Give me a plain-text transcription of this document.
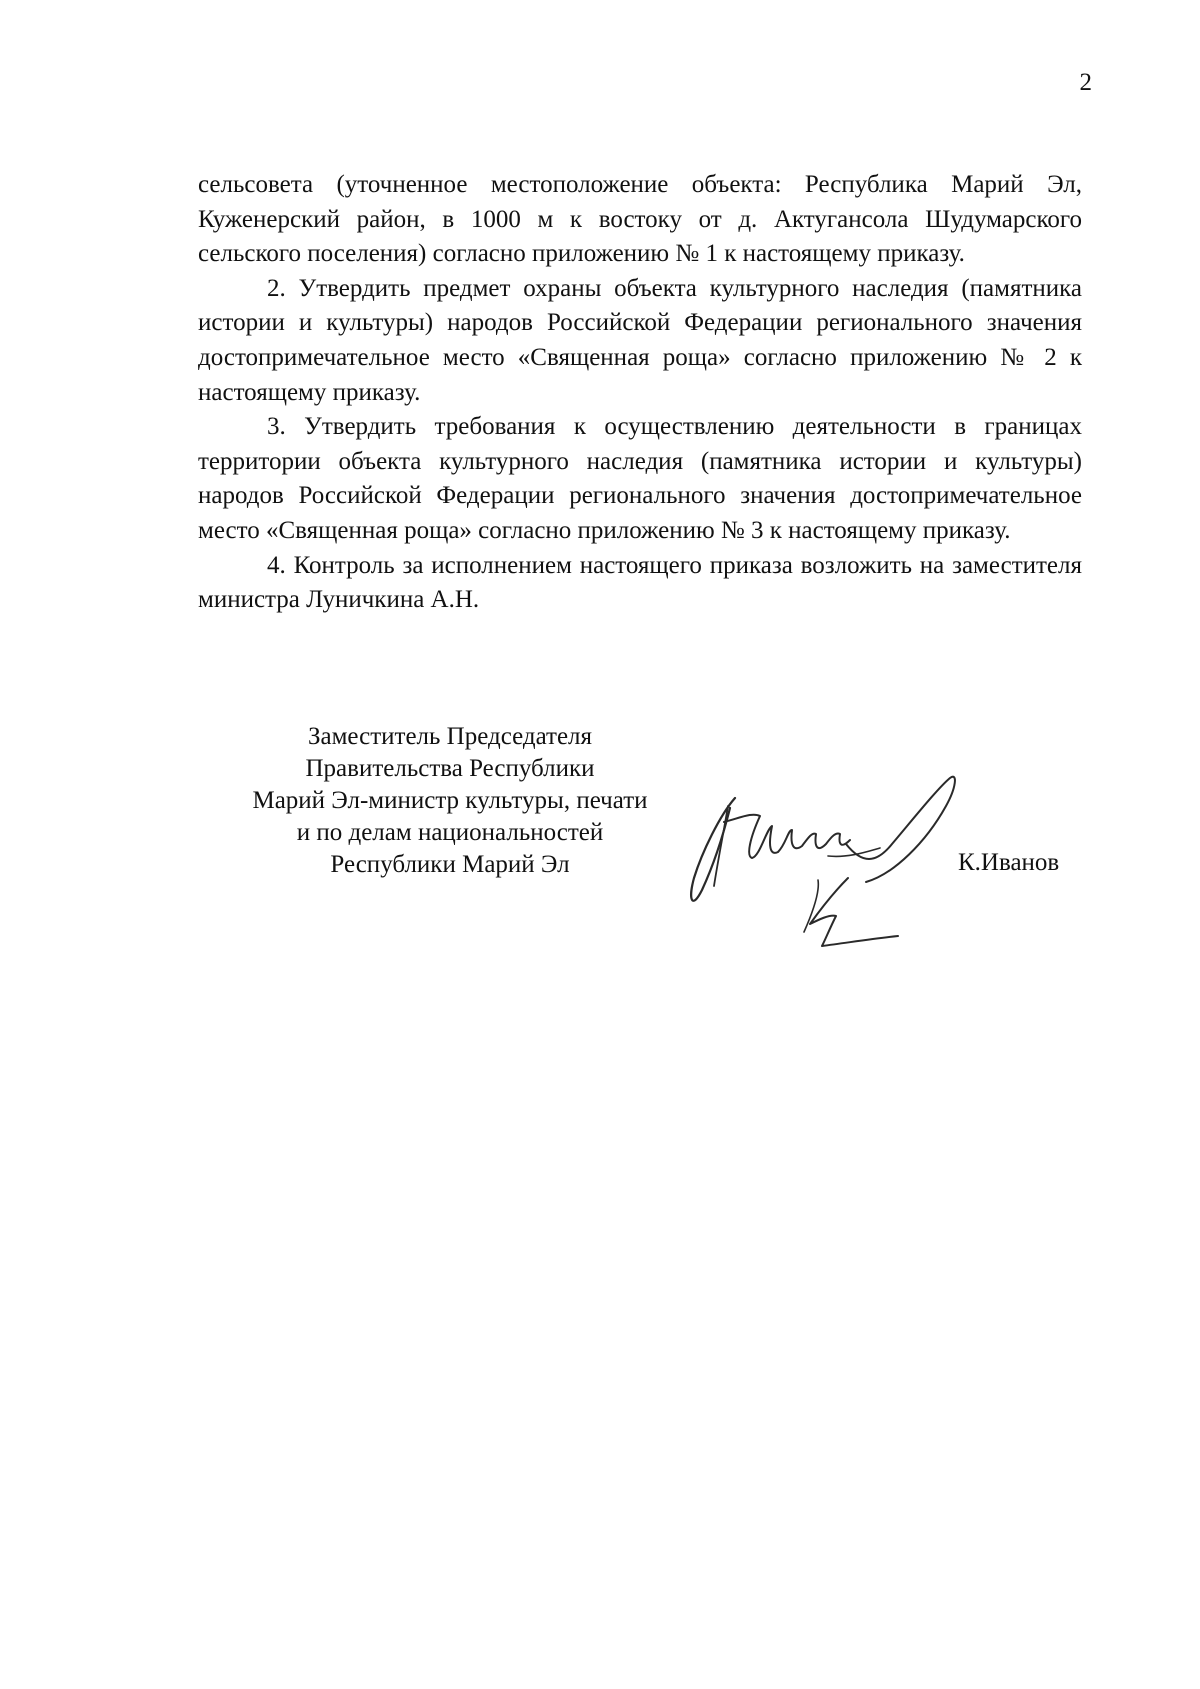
2

сельсовета (уточненное местоположение объекта: Республика Марий Эл, Куженерский район, в 1000 м к востоку от д. Актугансола Шудумарского сельского поселения) согласно приложению № 1 к настоящему приказу.

2. Утвердить предмет охраны объекта культурного наследия (памятника истории и культуры) народов Российской Федерации регионального значения достопримечательное место «Священная роща» согласно приложению № 2 к настоящему приказу.

3. Утвердить требования к осуществлению деятельности в границах территории объекта культурного наследия (памятника истории и культуры) народов Российской Федерации регионального значения достопримечательное место «Священная роща» согласно приложению № 3 к настоящему приказу.

4. Контроль за исполнением настоящего приказа возложить на заместителя министра Луничкина А.Н.

Заместитель Председателя
Правительства Республики
Марий Эл-министр культуры, печати
и по делам национальностей
Республики Марий Эл	К.Иванов
